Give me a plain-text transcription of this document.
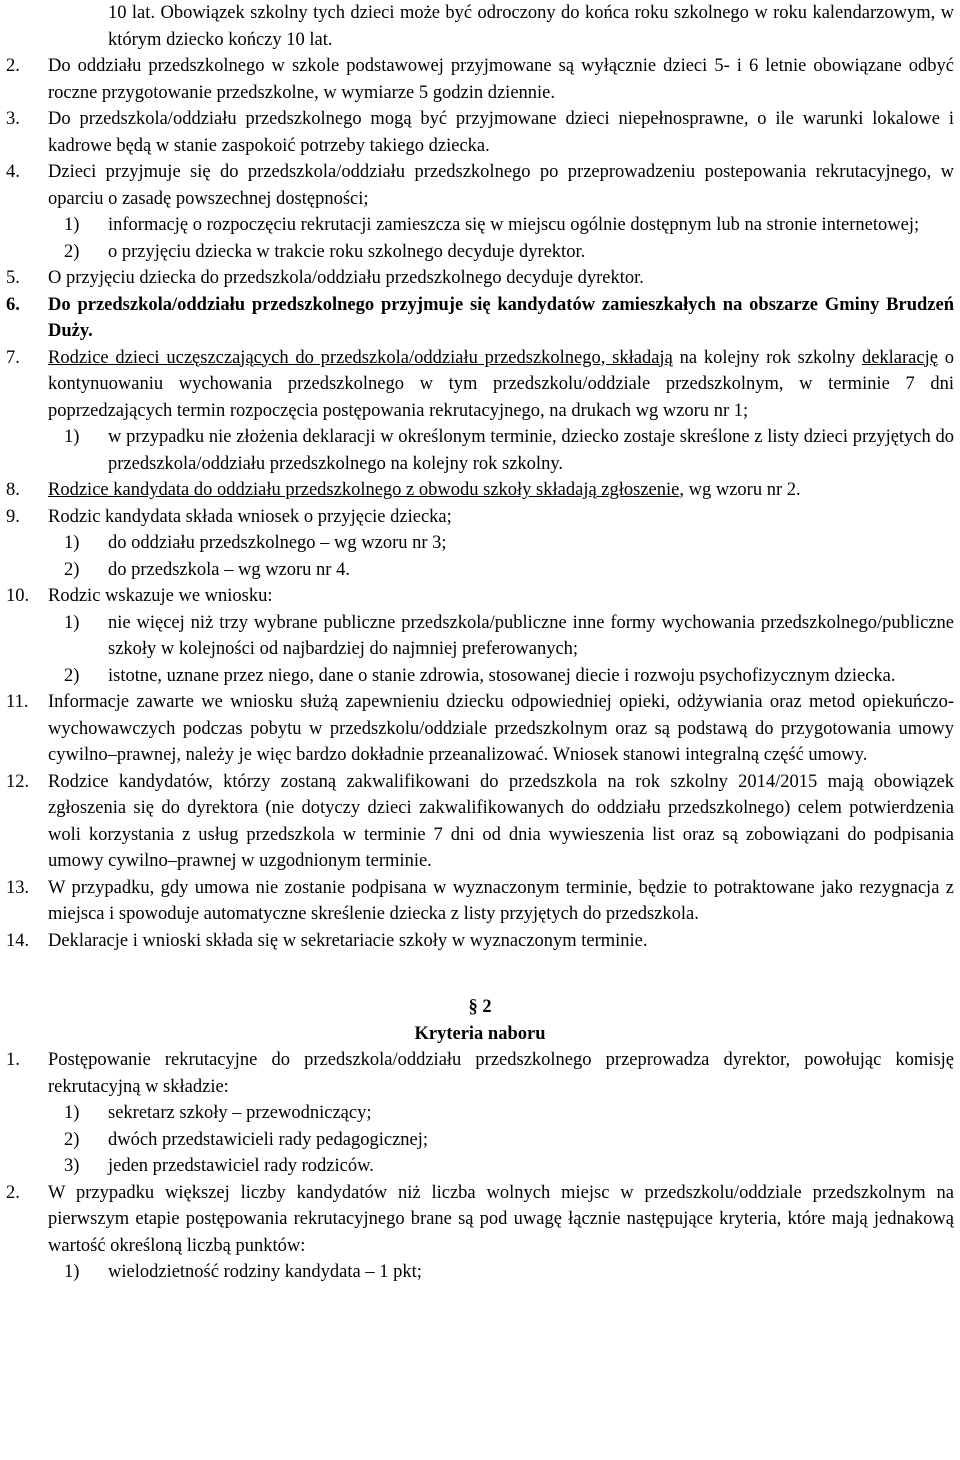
10 lat. Obowiązek szkolny tych dzieci może być odroczony do końca roku szkolnego w roku kalendarzowym, w którym dziecko kończy 10 lat.

2. Do oddziału przedszkolnego w szkole podstawowej przyjmowane są wyłącznie dzieci 5- i 6 letnie obowiązane odbyć roczne przygotowanie przedszkolne, w wymiarze 5 godzin dziennie.

3. Do przedszkola/oddziału przedszkolnego mogą być przyjmowane dzieci niepełnosprawne, o ile warunki lokalowe i kadrowe będą w stanie zaspokoić potrzeby takiego dziecka.

4. Dzieci przyjmuje się do przedszkola/oddziału przedszkolnego po przeprowadzeniu postepowania rekrutacyjnego, w oparciu o zasadę powszechnej dostępności;

1) informację o rozpoczęciu rekrutacji zamieszcza się w miejscu ogólnie dostępnym lub na stronie internetowej;

2) o przyjęciu dziecka w trakcie roku szkolnego decyduje dyrektor.

5. O przyjęciu dziecka do przedszkola/oddziału przedszkolnego decyduje dyrektor.

6. Do przedszkola/oddziału przedszkolnego przyjmuje się kandydatów zamieszkałych na obszarze Gminy Brudzeń Duży.

7. Rodzice dzieci uczęszczających do przedszkola/oddziału przedszkolnego, składają na kolejny rok szkolny deklarację o kontynuowaniu wychowania przedszkolnego w tym przedszkolu/oddziale przedszkolnym, w terminie 7 dni poprzedzających termin rozpoczęcia postępowania rekrutacyjnego, na drukach wg wzoru nr 1;

1) w przypadku nie złożenia deklaracji w określonym terminie, dziecko zostaje skreślone z listy dzieci przyjętych do przedszkola/oddziału przedszkolnego na kolejny rok szkolny.

8. Rodzice kandydata do oddziału przedszkolnego z obwodu szkoły składają zgłoszenie, wg wzoru nr 2.

9. Rodzic kandydata składa wniosek o przyjęcie dziecka;

1) do oddziału przedszkolnego – wg wzoru nr 3;

2) do przedszkola – wg wzoru nr 4.

10. Rodzic wskazuje we wniosku:

1) nie więcej niż trzy wybrane publiczne przedszkola/publiczne inne formy wychowania przedszkolnego/publiczne szkoły w kolejności od najbardziej do najmniej preferowanych;

2) istotne, uznane przez niego, dane o stanie zdrowia, stosowanej diecie i rozwoju psychofizycznym dziecka.

11. Informacje zawarte we wniosku służą zapewnieniu dziecku odpowiedniej opieki, odżywiania oraz metod opiekuńczo-wychowawczych podczas pobytu w przedszkolu/oddziale przedszkolnym oraz są podstawą do przygotowania umowy cywilno–prawnej, należy je więc bardzo dokładnie przeanalizować. Wniosek stanowi integralną część umowy.

12. Rodzice kandydatów, którzy zostaną zakwalifikowani do przedszkola na rok szkolny 2014/2015 mają obowiązek zgłoszenia się do dyrektora (nie dotyczy dzieci zakwalifikowanych do oddziału przedszkolnego) celem potwierdzenia woli korzystania z usług przedszkola w terminie 7 dni od dnia wywieszenia list oraz są zobowiązani do podpisania umowy cywilno–prawnej w uzgodnionym terminie.

13. W przypadku, gdy umowa nie zostanie podpisana w wyznaczonym terminie, będzie to potraktowane jako rezygnacja z miejsca i spowoduje automatyczne skreślenie dziecka z listy przyjętych do przedszkola.

14. Deklaracje i wnioski składa się w sekretariacie szkoły w wyznaczonym terminie.

§ 2

Kryteria naboru

1. Postępowanie rekrutacyjne do przedszkola/oddziału przedszkolnego przeprowadza dyrektor, powołując komisję rekrutacyjną w składzie:

1) sekretarz szkoły – przewodniczący;

2) dwóch przedstawicieli rady pedagogicznej;

3) jeden przedstawiciel rady rodziców.

2. W przypadku większej liczby kandydatów niż liczba wolnych miejsc w przedszkolu/oddziale przedszkolnym na pierwszym etapie postępowania rekrutacyjnego brane są pod uwagę łącznie następujące kryteria, które mają jednakową wartość określoną liczbą punktów:

1) wielodzietność rodziny kandydata – 1 pkt;
